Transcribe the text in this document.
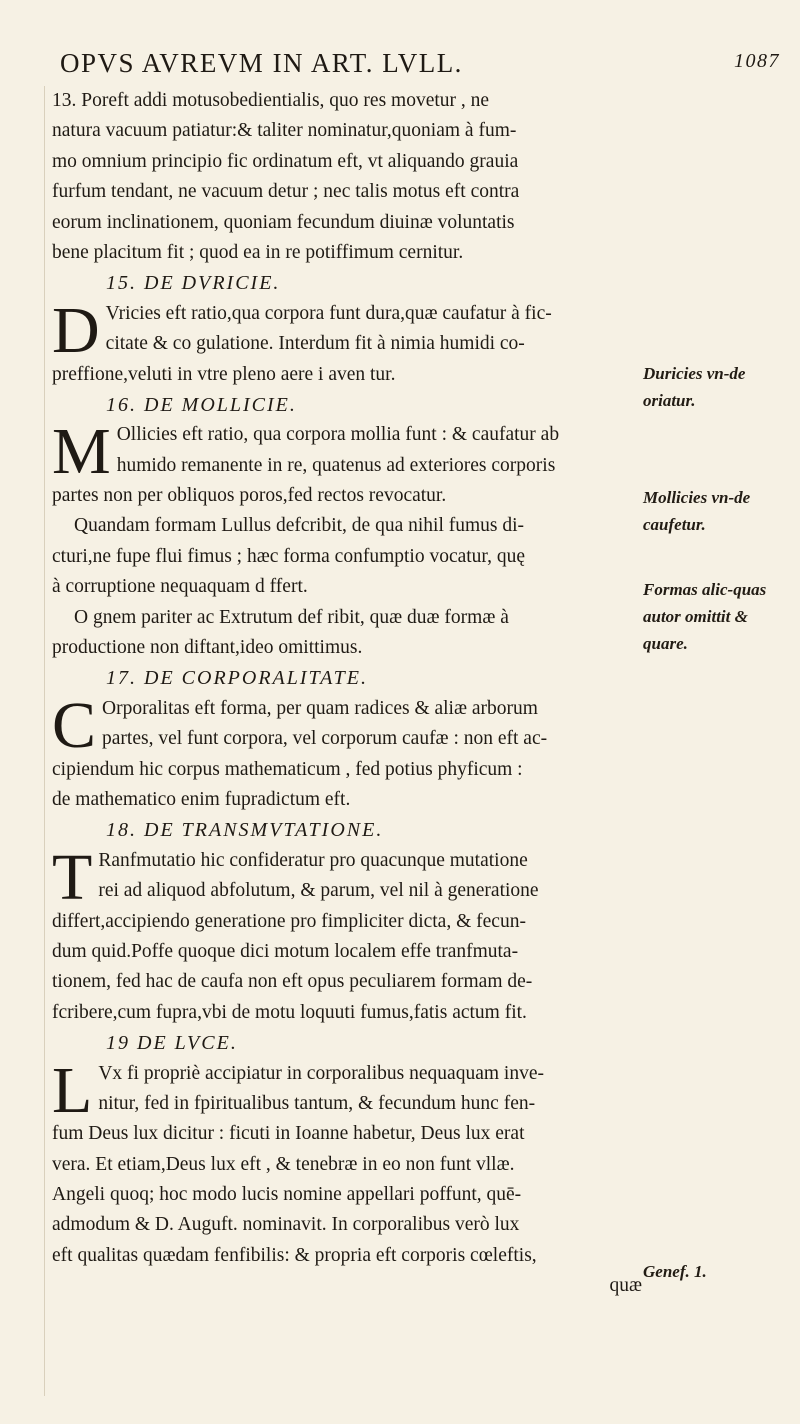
OPVS AVREVM IN ART. LVLL.	1087
13. Poreft addi motusobedientialis, quo res movetur , ne
natura vacuum patiatur:& taliter nominatur,quoniam à fum-
mo omnium principio fic ordinatum eft, vt aliquando grauia
furfum tendant, ne vacuum detur ; nec talis motus eft contra
eorum inclinationem, quoniam fecundum diuinæ voluntatis
bene placitum fit ; quod ea in re potiffimum cernitur.
15. DE DVRICIE.
D Vricies eft ratio,qua corpora funt dura,quæ caufatur à fic-
citate & co gulatione. Interdum fit à nimia humidi co-
preffione,veluti in vtre pleno aere i aven tur.
16. DE MOLLICIE.
M Ollicies eft ratio, qua corpora mollia funt : & caufatur ab
humido remanente in re, quatenus ad exteriores corporis
partes non per obliquos poros,fed rectos revocatur.
Quandam formam Lullus defcribit, de qua nihil fumus di-
cturi,ne fupe flui fimus ; hæc forma confumptio vocatur, quę
à corruptione nequaquam d ffert.
O gnem pariter ac Extrutum def ribit, quæ duæ formæ à
productione non diftant,ideo omittimus.
17. DE CORPORALITATE.
C Orporalitas eft forma, per quam radices & aliæ arborum
partes, vel funt corpora, vel corporum caufæ : non eft ac-
cipiendum hic corpus mathematicum , fed potius phyficum :
de mathematico enim fupradictum eft.
18. DE TRANSMVTATIONE.
T Ranfmutatio hic confideratur pro quacunque mutatione
rei ad aliquod abfolutum, & parum, vel nil à generatione
differt,accipiendo generatione pro fimpliciter dicta, & fecun-
dum quid.Poffe quoque dici motum localem effe tranfmuta-
tionem, fed hac de caufa non eft opus peculiarem formam de-
fcribere,cum fupra,vbi de motu loquuti fumus,fatis actum fit.
19 DE LVCE.
L Vx fi propriè accipiatur in corporalibus nequaquam inve-
nitur, fed in fpiritualibus tantum, & fecundum hunc fen-
fum Deus lux dicitur : ficuti in Ioanne habetur, Deus lux erat
vera. Et etiam,Deus lux eft , & tenebræ in eo non funt vllæ.
Angeli quoq; hoc modo lucis nomine appellari poffunt, quē-
admodum & D. Auguft. nominavit. In corporalibus verò lux
eft qualitas quædam fenfibilis: & propria eft corporis cœleftis,
quæ
Duricies vn-de oriatur.
Mollicies vn-de caufetur.
Formas alic-quas autor omittit & quare.
Genef. 1.
